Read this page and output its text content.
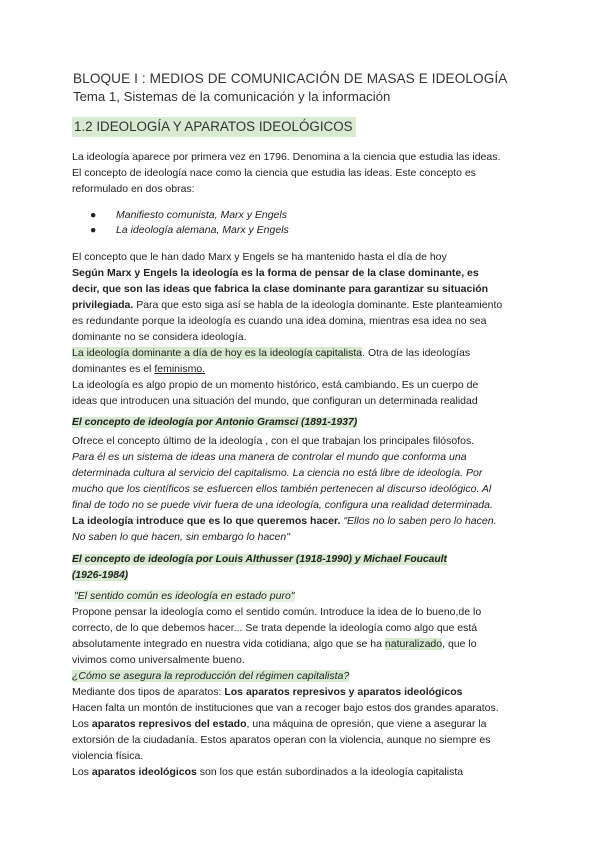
BLOQUE I : MEDIOS DE COMUNICACIÓN DE MASAS E IDEOLOGÍA
Tema 1, Sistemas de la comunicación y la información
1.2 IDEOLOGÍA Y APARATOS IDEOLÓGICOS
La ideología aparece por primera vez en 1796. Denomina a la ciencia que estudia las ideas.
El concepto de ideología nace como la ciencia que estudia las ideas. Este concepto es
reformulado en dos obras:
● Manifiesto comunista, Marx y Engels
● La ideología alemana, Marx y Engels
El concepto que le han dado Marx y Engels se ha mantenido hasta el día de hoy
Según Marx y Engels la ideología es la forma de pensar de la clase dominante, es
decir, que son las ideas que fabrica la clase dominante para garantizar su situación
privilegiada. Para que esto siga así se habla de la ideología dominante. Este planteamiento
es redundante porque la ideología es cuando una idea domina, mientras esa idea no sea
dominante no se considera ideología.
La ideología dominante a día de hoy es la ideología capitalista. Otra de las ideologías
dominantes es el feminismo.
La ideología es algo propio de un momento histórico, está cambiando. Es un cuerpo de
ideas que introducen una situación del mundo, que configuran un determinada realidad
El concepto de ideología por Antonio Gramsci (1891-1937)
Ofrece el concepto último de la ideología , con el que trabajan los principales filósofos.
Para él es un sistema de ideas una manera de controlar el mundo que conforma una
determinada cultura al servicio del capitalismo. La ciencia no está libre de ideología. Por
mucho que los científicos se esfuercen ellos también pertenecen al discurso ideológico. Al
final de todo no se puede vivir fuera de una ideología, configura una realidad determinada.
La ideología introduce que es lo que queremos hacer. "Ellos no lo saben pero lo hacen.
No saben lo que hacen, sin embargo lo hacen"
El concepto de ideología por Louis Althusser (1918-1990) y Michael Foucault
(1926-1984)
"El sentido común es ideología en estado puro"
Propone pensar la ideología como el sentido común. Introduce la idea de lo bueno,de lo
correcto, de lo que debemos hacer... Se trata depende la ideología como algo que está
absolutamente integrado en nuestra vida cotidiana, algo que se ha naturalizado, que lo
vivimos como universalmente bueno.
¿Cómo se asegura la reproducción del régimen capitalista?
Mediante dos tipos de aparatos: Los aparatos represivos y aparatos ideológicos
Hacen falta un montón de instituciones que van a recoger bajo estos dos grandes aparatos.
Los aparatos represivos del estado, una máquina de opresión, que viene a asegurar la
extorsión de la ciudadanía. Estos aparatos operan con la violencia, aunque no siempre es
violencia física.
Los aparatos ideológicos son los que están subordinados a la ideología capitalista
